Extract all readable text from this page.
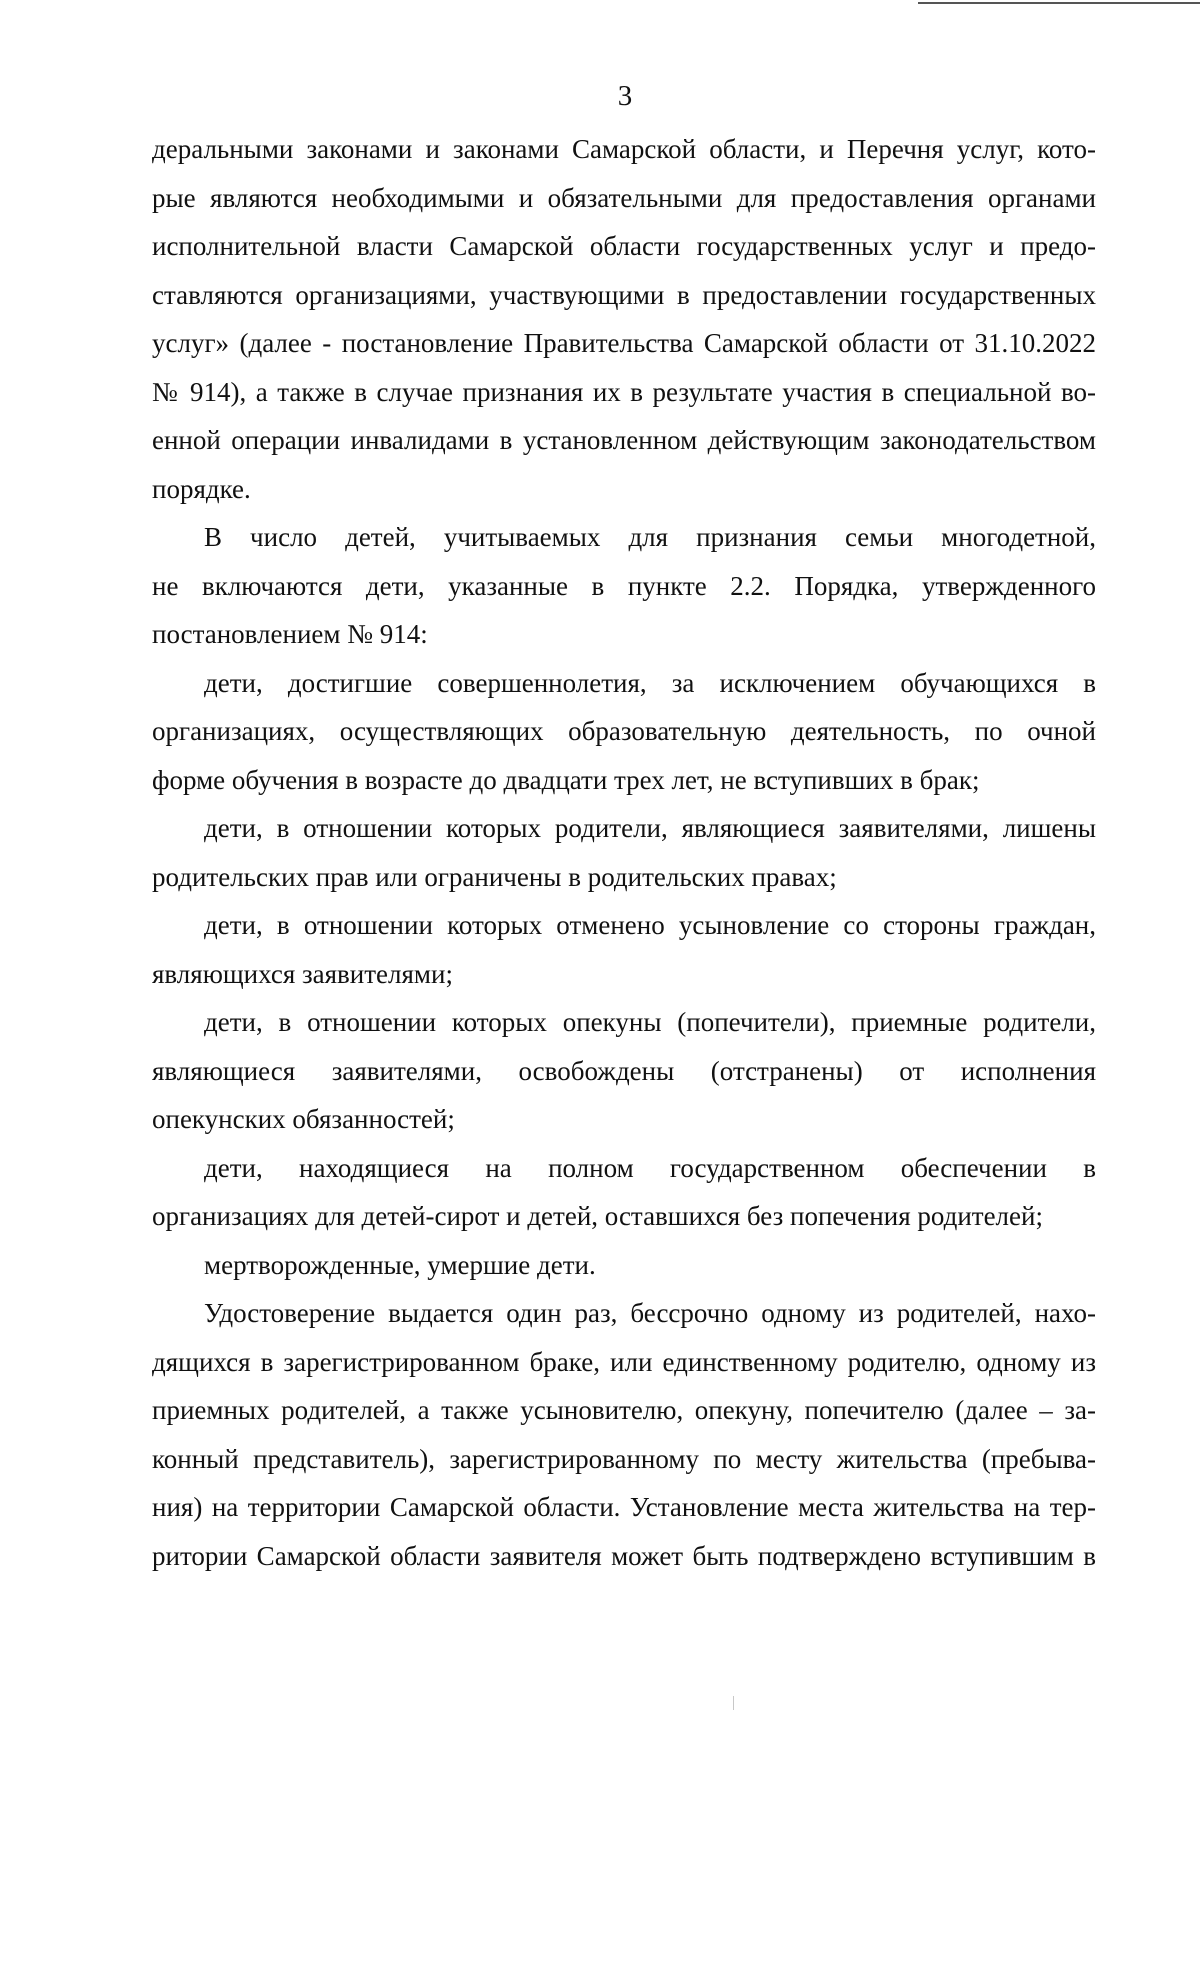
3
деральными законами и законами Самарской области, и Перечня услуг, кото-
рые являются необходимыми и обязательными для предоставления органами
исполнительной власти Самарской области государственных услуг и предо-
ставляются организациями, участвующими в предоставлении государственных
услуг» (далее - постановление Правительства Самарской области от 31.10.2022
№ 914), а также в случае признания их в результате участия в специальной во-
енной операции инвалидами в установленном действующим законодательством
порядке.
В число детей, учитываемых для признания семьи многодетной,
не включаются дети, указанные в пункте 2.2. Порядка, утвержденного
постановлением № 914:
дети, достигшие совершеннолетия, за исключением обучающихся в
организациях, осуществляющих образовательную деятельность, по очной
форме обучения в возрасте до двадцати трех лет, не вступивших в брак;
дети, в отношении которых родители, являющиеся заявителями, лишены
родительских прав или ограничены в родительских правах;
дети, в отношении которых отменено усыновление со стороны граждан,
являющихся заявителями;
дети, в отношении которых опекуны (попечители), приемные родители,
являющиеся заявителями, освобождены (отстранены) от исполнения
опекунских обязанностей;
дети, находящиеся на полном государственном обеспечении в
организациях для детей-сирот и детей, оставшихся без попечения родителей;
мертворожденные, умершие дети.
Удостоверение выдается один раз, бессрочно одному из родителей, нахо-
дящихся в зарегистрированном браке, или единственному родителю, одному из
приемных родителей, а также усыновителю, опекуну, попечителю (далее – за-
конный представитель), зарегистрированному по месту жительства (пребыва-
ния) на территории Самарской области. Установление места жительства на тер-
ритории Самарской области заявителя может быть подтверждено вступившим в
